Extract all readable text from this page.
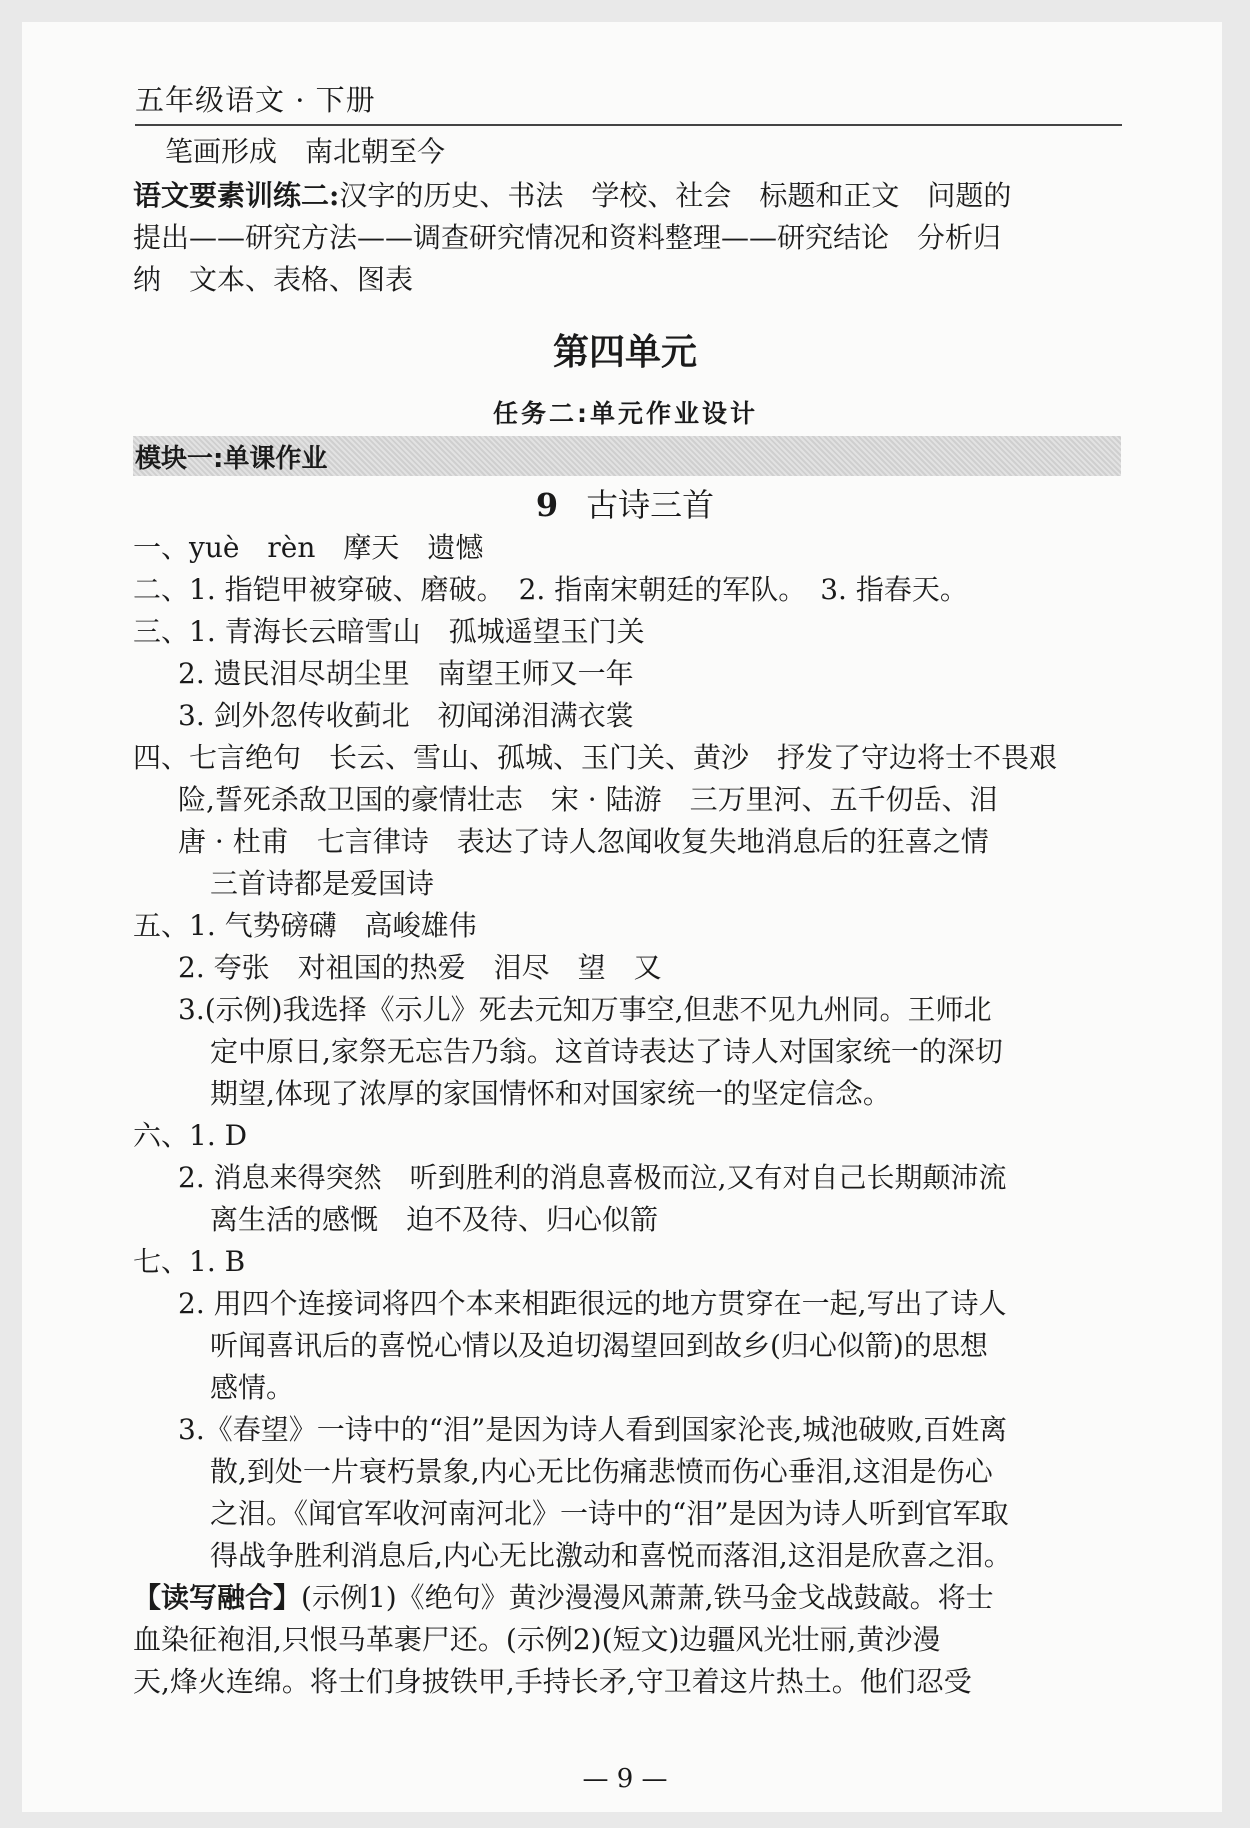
五年级语文 · 下册
笔画形成　南北朝至今
语文要素训练二:汉字的历史、书法　学校、社会　标题和正文　问题的
提出——研究方法——调查研究情况和资料整理——研究结论　分析归
纳　文本、表格、图表
第四单元
任务二:单元作业设计
模块一:单课作业
9 古诗三首
一、yuè　rèn　摩天　遗憾
二、1. 指铠甲被穿破、磨破。　2. 指南宋朝廷的军队。　3. 指春天。
三、1. 青海长云暗雪山　孤城遥望玉门关
2. 遗民泪尽胡尘里　南望王师又一年
3. 剑外忽传收蓟北　初闻涕泪满衣裳
四、七言绝句　长云、雪山、孤城、玉门关、黄沙　抒发了守边将士不畏艰
险,誓死杀敌卫国的豪情壮志　宋 · 陆游　三万里河、五千仞岳、泪
唐 · 杜甫　七言律诗　表达了诗人忽闻收复失地消息后的狂喜之情
三首诗都是爱国诗
五、1. 气势磅礴　高峻雄伟
2. 夸张　对祖国的热爱　泪尽　望　又
3.(示例)我选择《示儿》死去元知万事空,但悲不见九州同。王师北
定中原日,家祭无忘告乃翁。这首诗表达了诗人对国家统一的深切
期望,体现了浓厚的家国情怀和对国家统一的坚定信念。
六、1. D
2. 消息来得突然　听到胜利的消息喜极而泣,又有对自己长期颠沛流
离生活的感慨　迫不及待、归心似箭
七、1. B
2. 用四个连接词将四个本来相距很远的地方贯穿在一起,写出了诗人
听闻喜讯后的喜悦心情以及迫切渴望回到故乡(归心似箭)的思想
感情。
3.《春望》一诗中的“泪”是因为诗人看到国家沦丧,城池破败,百姓离
散,到处一片衰朽景象,内心无比伤痛悲愤而伤心垂泪,这泪是伤心
之泪。《闻官军收河南河北》一诗中的“泪”是因为诗人听到官军取
得战争胜利消息后,内心无比激动和喜悦而落泪,这泪是欣喜之泪。
【读写融合】(示例1)《绝句》黄沙漫漫风萧萧,铁马金戈战鼓敲。将士
血染征袍泪,只恨马革裹尸还。(示例2)(短文)边疆风光壮丽,黄沙漫
天,烽火连绵。将士们身披铁甲,手持长矛,守卫着这片热土。他们忍受
— 9 —
